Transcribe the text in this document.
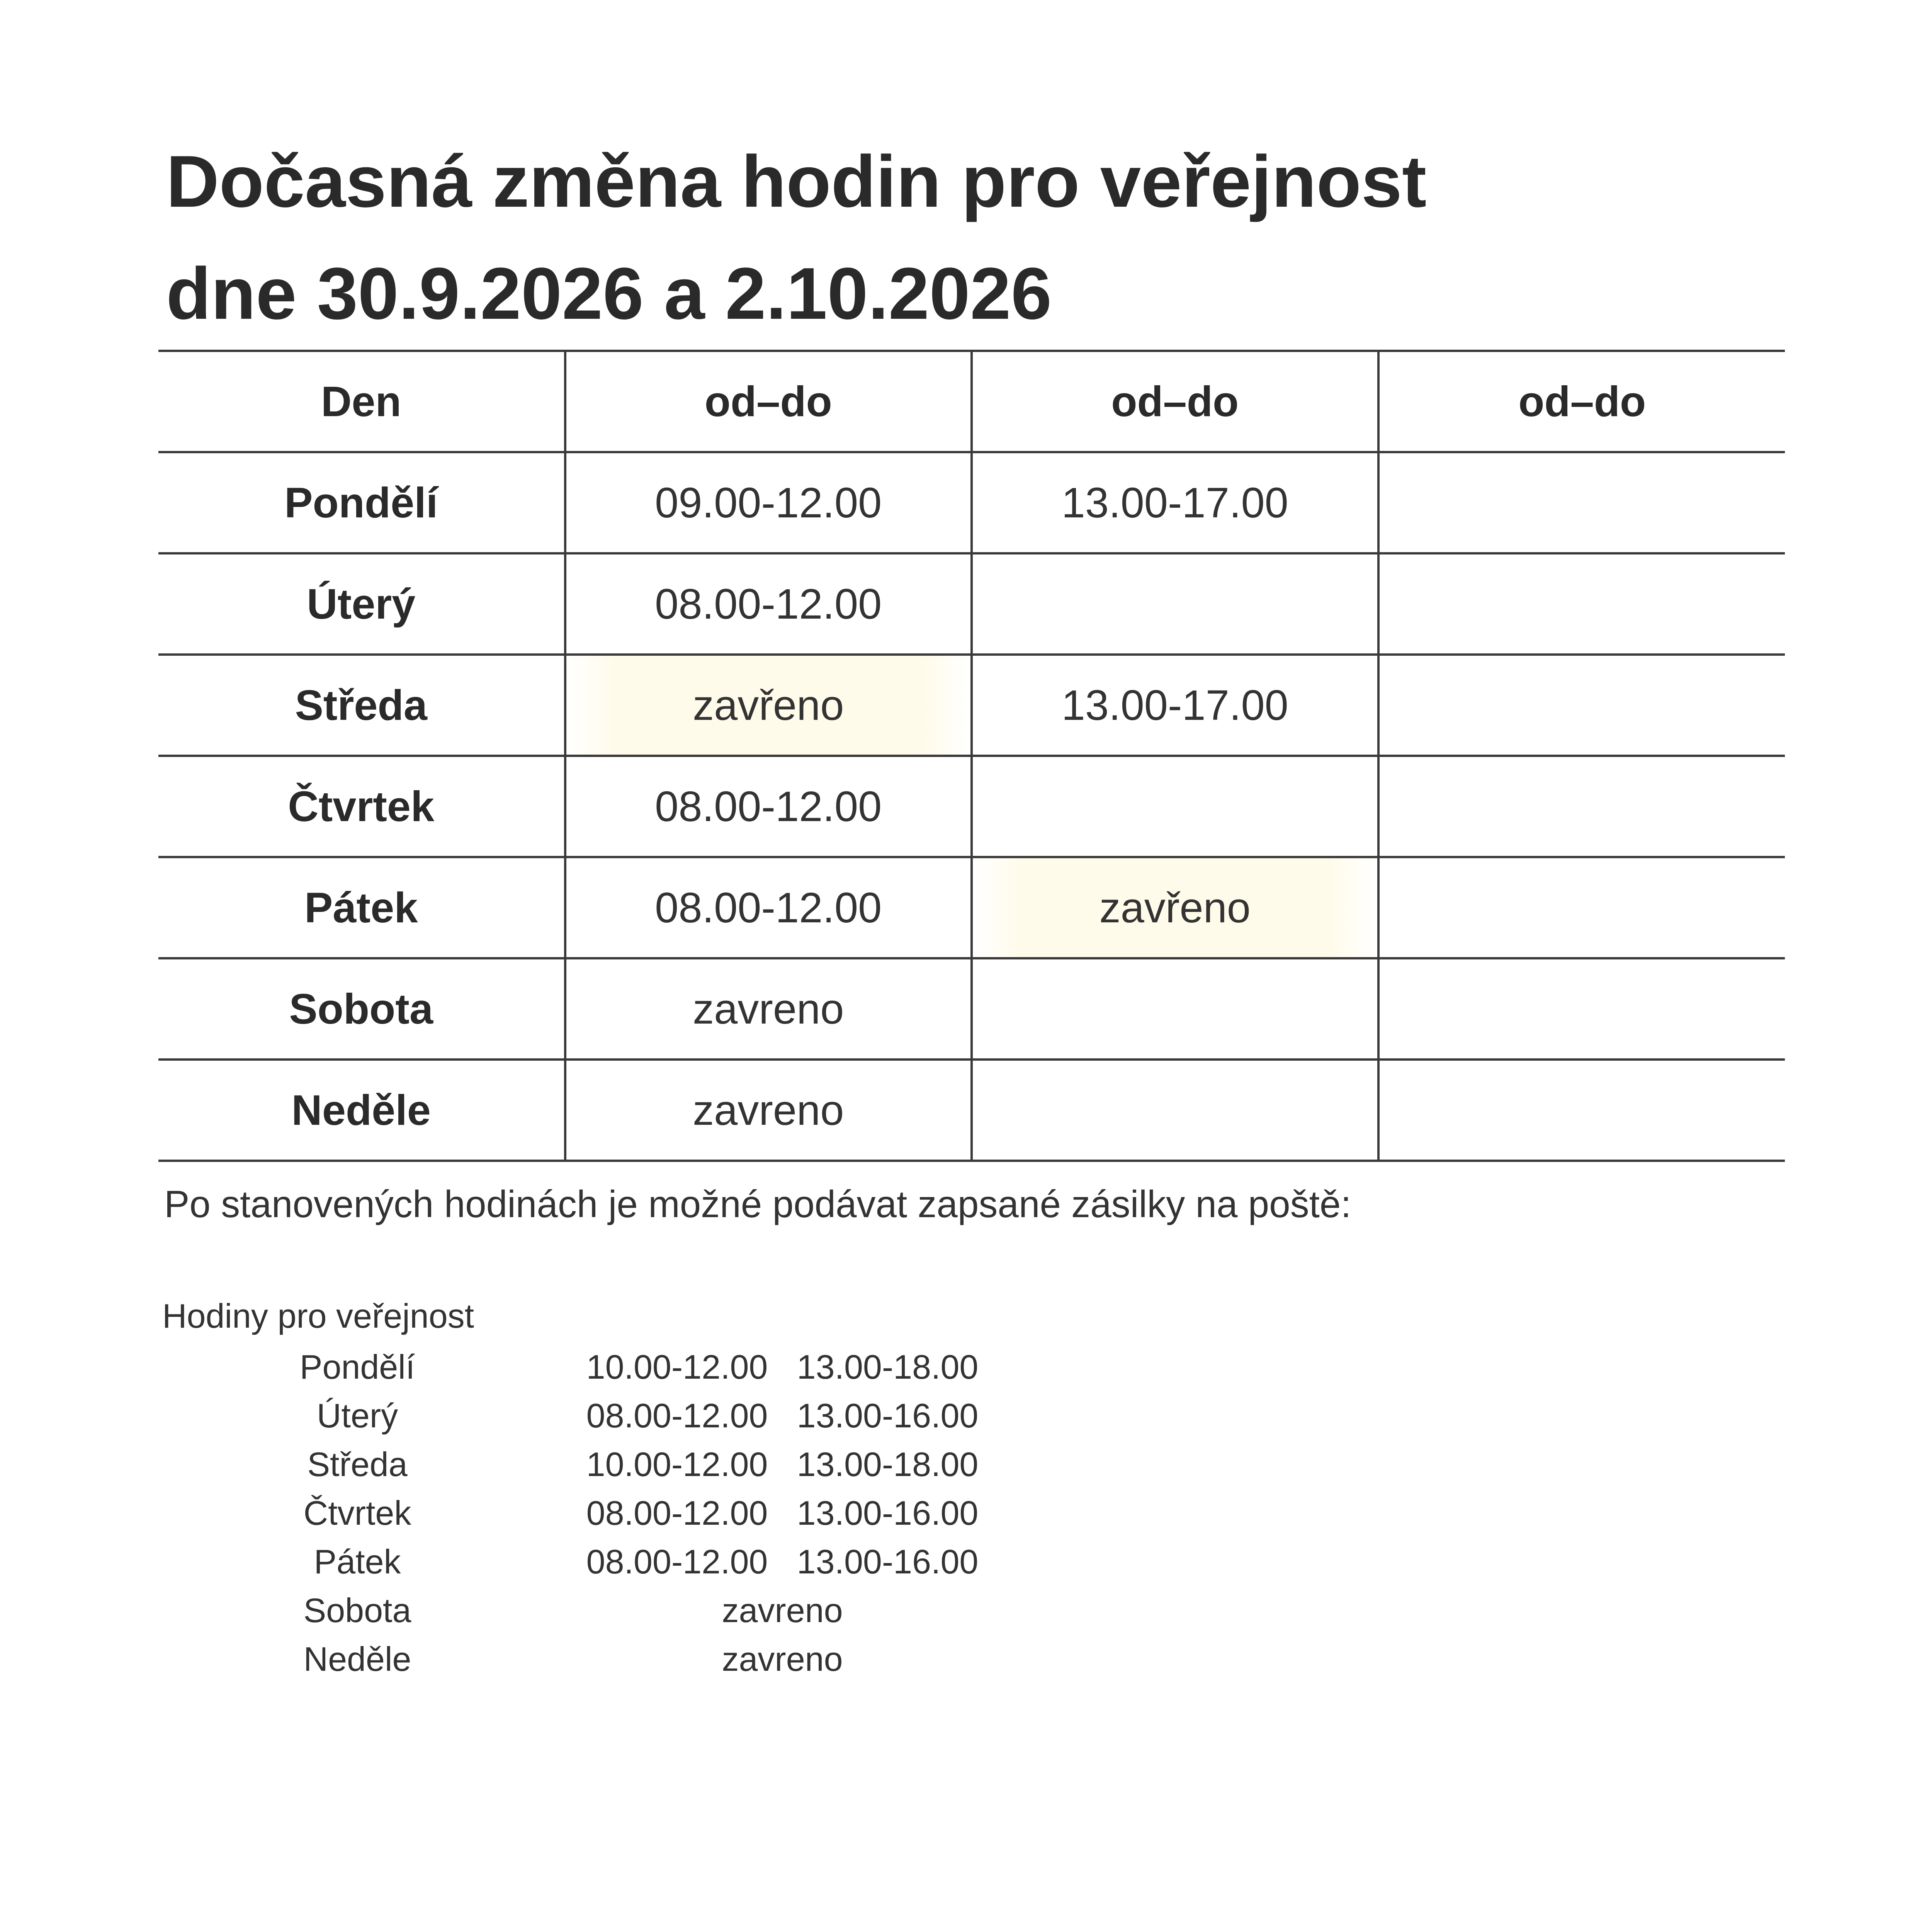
Dočasná změna hodin pro veřejnost
dne 30.9.2026 a 2.10.2026
Den	od–do	od–do	od–do
Pondělí	09.00-12.00	13.00-17.00	
Úterý	08.00-12.00		
Středa	zavřeno	13.00-17.00	
Čtvrtek	08.00-12.00		
Pátek	08.00-12.00	zavřeno	
Sobota	zavreno		
Neděle	zavreno		
Po stanovených hodinách je možné podávat zapsané zásilky na poště:
Hodiny pro veřejnost
Pondělí		10.00-12.00	13.00-18.00
Úterý		08.00-12.00	13.00-16.00
Středa		10.00-12.00	13.00-18.00
Čtvrtek		08.00-12.00	13.00-16.00
Pátek		08.00-12.00	13.00-16.00
Sobota		zavreno	
Neděle		zavreno	
